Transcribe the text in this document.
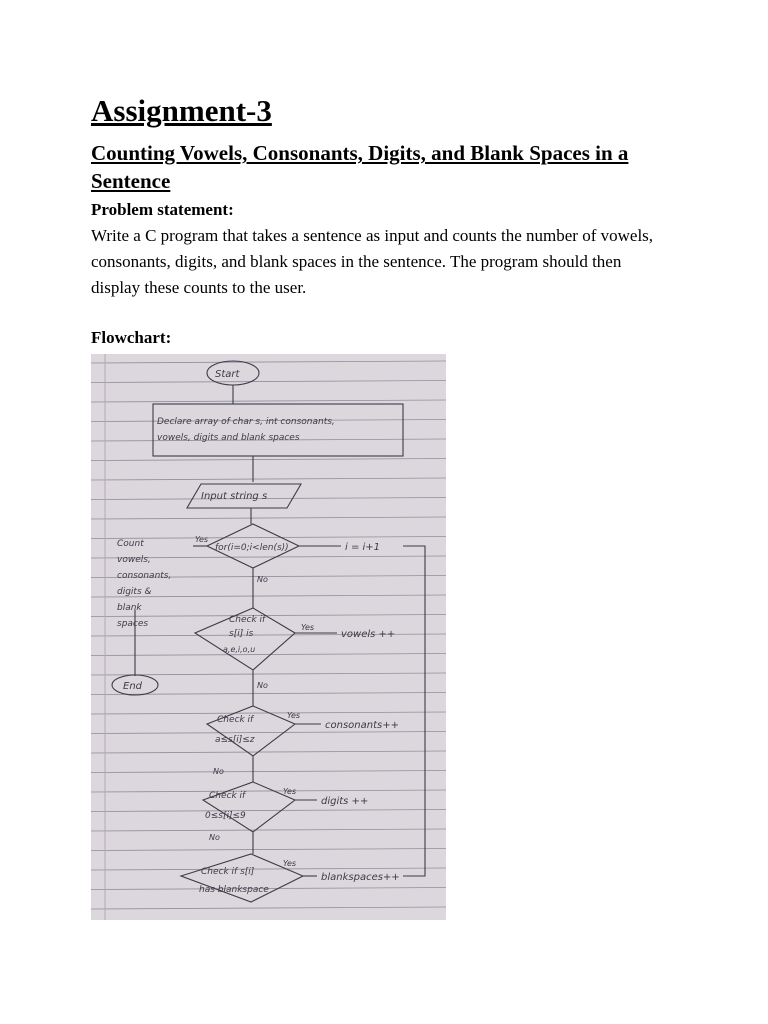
Assignment-3
Counting Vowels, Consonants, Digits, and Blank Spaces in a Sentence

Problem statement:

Write a C program that takes a sentence as input and counts the number of vowels, consonants, digits, and blank spaces in the sentence. The program should then display these counts to the user.

Flowchart:

Start
Declare array of char s, int consonants, vowels, digits and blank spaces
Input string s
for(i=0;i<len(s))	i = i+1
Yes
No
Count vowels, consonants, digits & blank spaces	Check if
s[i] is
a,e,i,o,u
Yes
vowels ++
No
End
Check if
a≤s[i]≤z
Yes
consonants++
No
Check if
0≤s[i]≤9
Yes
digits ++
No
Check if s[i]
has blankspace
Yes
blankspaces++
